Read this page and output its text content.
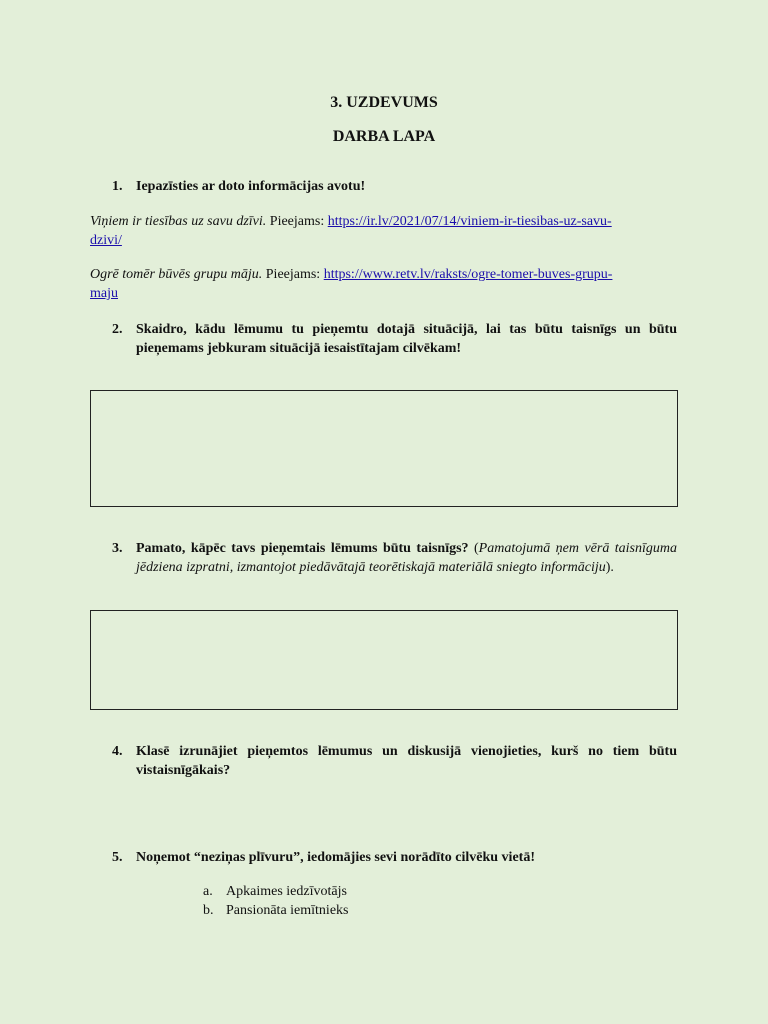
3. UZDEVUMS
DARBA LAPA
1. Iepazīsties ar doto informācijas avotu!
Viņiem ir tiesības uz savu dzīvi. Pieejams: https://ir.lv/2021/07/14/viniem-ir-tiesibas-uz-savu-
dzivi/
Ogrē tomēr būvēs grupu māju. Pieejams: https://www.retv.lv/raksts/ogre-tomer-buves-grupu-
maju
2. Skaidro, kādu lēmumu tu pieņemtu dotajā situācijā, lai tas būtu taisnīgs un būtu pieņemams jebkuram situācijā iesaistītajam cilvēkam!
3. Pamato, kāpēc tavs pieņemtais lēmums būtu taisnīgs? (Pamatojumā ņem vērā taisnīguma jēdziena izpratni, izmantojot piedāvātajā teorētiskajā materiālā sniegto informāciju).
4. Klasē izrunājiet pieņemtos lēmumus un diskusijā vienojieties, kurš no tiem būtu vistaisnīgākais?
5. Noņemot “neziņas plīvuru”, iedomājies sevi norādīto cilvēku vietā!
a. Apkaimes iedzīvotājs
b. Pansionāta iemītnieks
